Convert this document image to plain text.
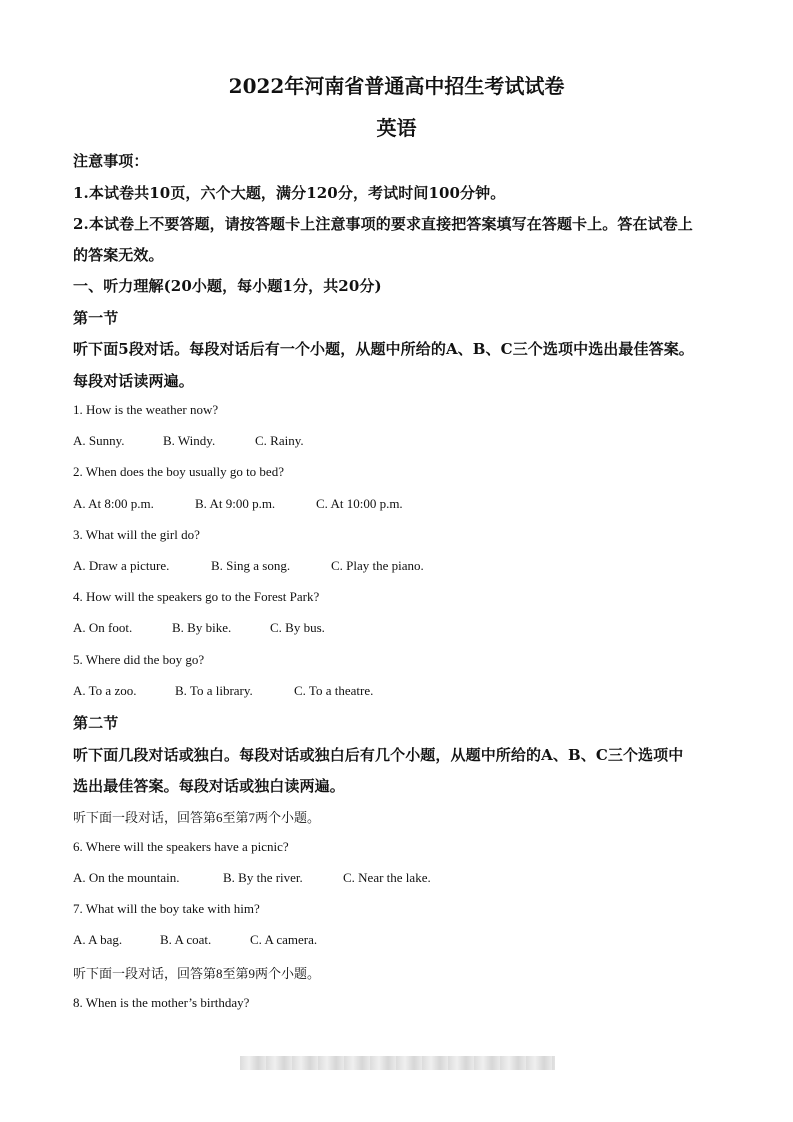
2022年河南省普通高中招生考试试卷
英语
注意事项：
1.本试卷共10页，六个大题，满分120分，考试时间100分钟。
2.本试卷上不要答题，请按答题卡上注意事项的要求直接把答案填写在答题卡上。答在试卷上
的答案无效。
一、听力理解(20小题，每小题1分，共20分)
第一节
听下面5段对话。每段对话后有一个小题，从题中所给的A、B、C三个选项中选出最佳答案。
每段对话读两遍。
1. How is the weather now?
A. Sunny.	B. Windy.	C. Rainy.
2. When does the boy usually go to bed?
A. At 8:00 p.m.	B. At 9:00 p.m.	C. At 10:00 p.m.
3. What will the girl do?
A. Draw a picture.	B. Sing a song.	C. Play the piano.
4. How will the speakers go to the Forest Park?
A. On foot.	B. By bike.	C. By bus.
5. Where did the boy go?
A. To a zoo.	B. To a library.	C. To a theatre.
第二节
听下面几段对话或独白。每段对话或独白后有几个小题，从题中所给的A、B、C三个选项中
选出最佳答案。每段对话或独白读两遍。
听下面一段对话，回答第6至第7两个小题。
6. Where will the speakers have a picnic?
A. On the mountain.	B. By the river.	C. Near the lake.
7. What will the boy take with him?
A. A bag.	B. A coat.	C. A camera.
听下面一段对话，回答第8至第9两个小题。
8. When is the mother’s birthday?
